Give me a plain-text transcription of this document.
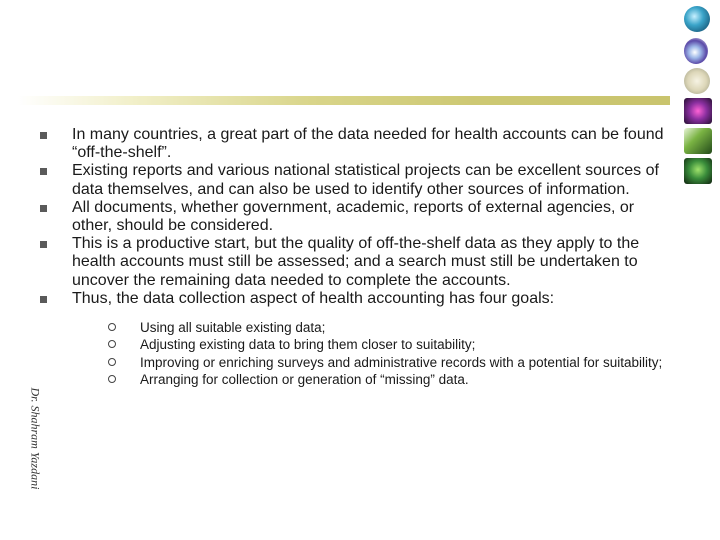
Dr. Shahram Yazdani
In many countries, a great part of the data needed for health accounts can be found “off-the-shelf”.
Existing reports and various national statistical projects can be excellent sources of data themselves, and can also be used to identify other sources of information.
All documents, whether government, academic, reports of external agencies, or other, should be considered.
This is a productive start, but the quality of off-the-shelf data as they apply to the health accounts must still be assessed; and a search must still be undertaken to uncover the remaining data needed to complete the accounts.
Thus, the data collection aspect of health accounting has four goals:
Using all suitable existing data;
Adjusting existing data to bring them closer to suitability;
Improving or enriching surveys and administrative records with a potential for suitability;
Arranging for collection or generation of “missing” data.
